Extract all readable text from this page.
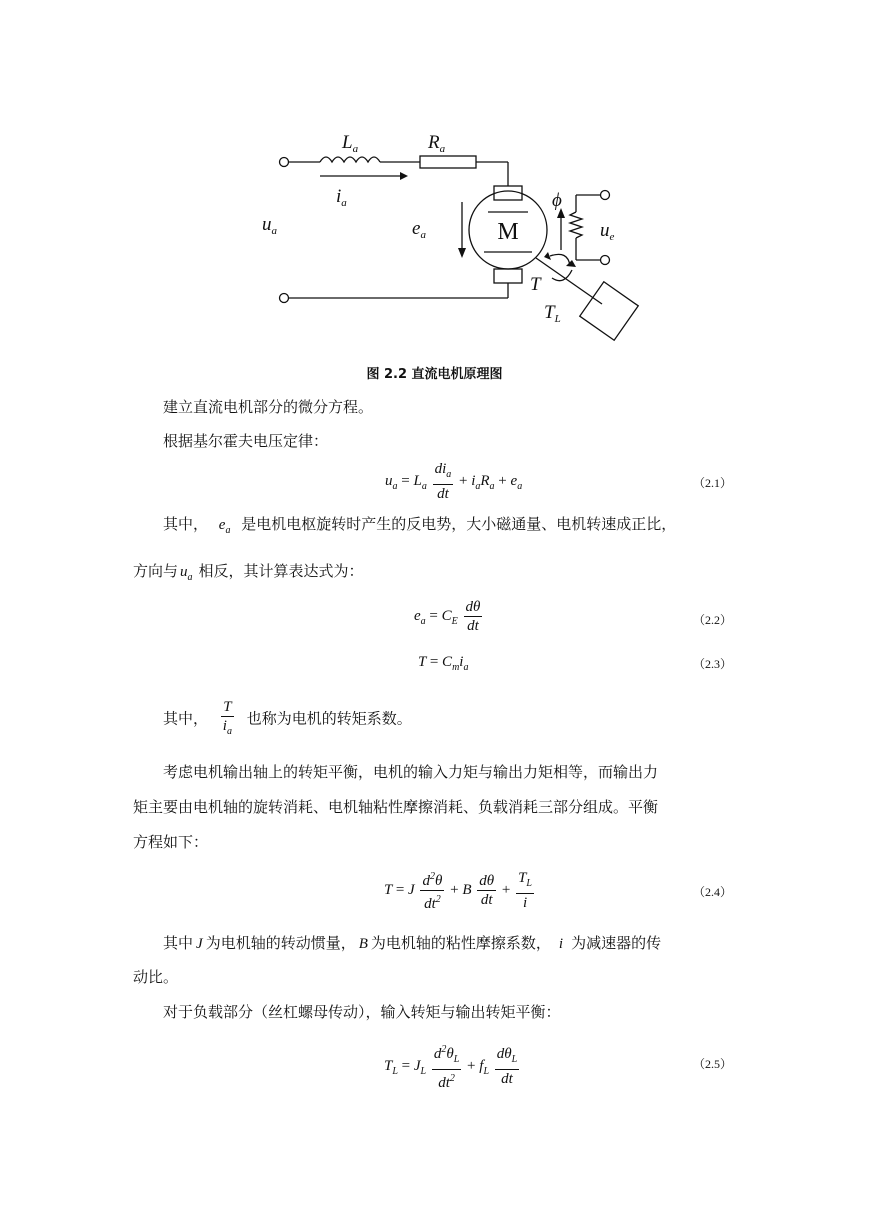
$L_a$	$R_a$
$i_a$
$u_a$	$e_a$
ϕ
$u_e$
T
$T_L$
M
图 2.2 直流电机原理图
建立直流电机部分的微分方程。
根据基尔霍夫电压定律：
$u_a = L_a \frac{di_a}{dt} + i_aR_a + e_a$	（2.1）
其中， $e_a$ 是电机电枢旋转时产生的反电势，大小磁通量、电机转速成正比，
方向与 $u_a$ 相反，其计算表达式为：
$e_a = C_E \frac{d\theta}{dt}$	（2.2）
$T = C_mi_a$	（2.3）
其中， $\frac{T}{i_a}$ 也称为电机的转矩系数。
考虑电机输出轴上的转矩平衡，电机的输入力矩与输出力矩相等，而输出力
矩主要由电机轴的旋转消耗、电机轴粘性摩擦消耗、负载消耗三部分组成。平衡
方程如下：
T = J $\frac{d^2\theta}{dt^2} + B \frac{d\theta}{dt} + \frac{T_L}{i}$	（2.4）
其中 J 为电机轴的转动惯量， B 为电机轴的粘性摩擦系数， i 为减速器的传
动比。
对于负载部分（丝杠螺母传动），输入转矩与输出转矩平衡：
$T_L = J_L \frac{d^2\theta_L}{dt^2} + f_L \frac{d\theta_L}{dt}$	（2.5）
